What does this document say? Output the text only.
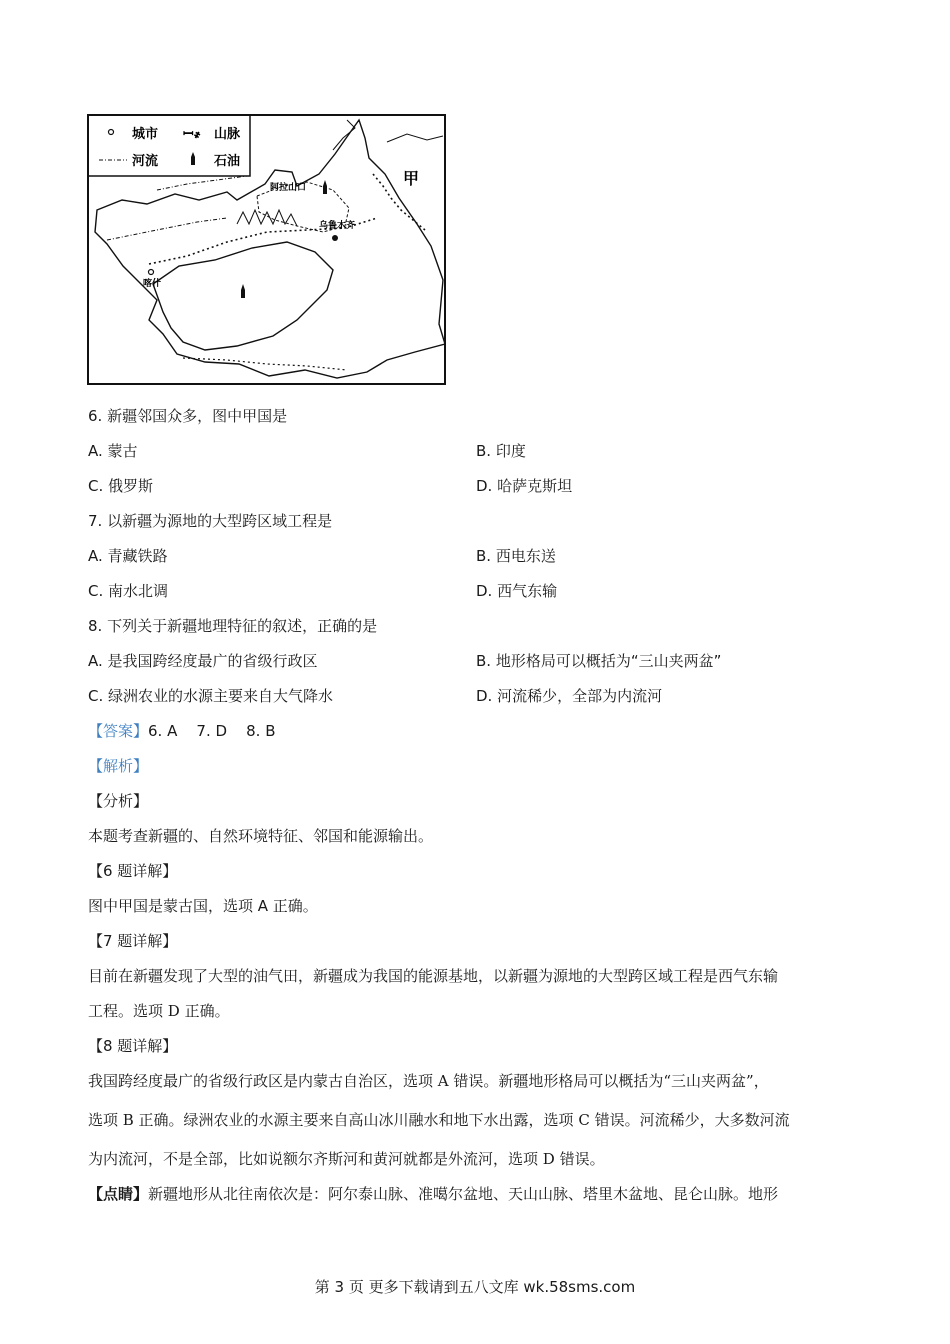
城市 ꟷ҂ 山脉
河流	石油
甲
阿拉山口
乌鲁木齐
喀什
6. 新疆邻国众多，图中甲国是
A. 蒙古	B. 印度
C. 俄罗斯	D. 哈萨克斯坦
7. 以新疆为源地的大型跨区域工程是
A. 青藏铁路	B. 西电东送
C. 南水北调	D. 西气东输
8. 下列关于新疆地理特征的叙述，正确的是
A. 是我国跨经度最广的省级行政区	B. 地形格局可以概括为“三山夹两盆”
C. 绿洲农业的水源主要来自大气降水	D. 河流稀少，全部为内流河
【答案】6. A    7. D    8. B
【解析】
【分析】
本题考查新疆的、自然环境特征、邻国和能源输出。
【6 题详解】
图中甲国是蒙古国，选项 A 正确。
【7 题详解】
目前在新疆发现了大型的油气田，新疆成为我国的能源基地，以新疆为源地的大型跨区域工程是西气东输
工程。选项 D 正确。
【8 题详解】
我国跨经度最广的省级行政区是内蒙古自治区，选项 A 错误。新疆地形格局可以概括为“三山夹两盆”，
选项 B 正确。绿洲农业的水源主要来自高山冰川融水和地下水出露，选项 C 错误。河流稀少，大多数河流
为内流河，不是全部，比如说额尔齐斯河和黄河就都是外流河，选项 D 错误。
【点睛】新疆地形从北往南依次是：阿尔泰山脉、准噶尔盆地、天山山脉、塔里木盆地、昆仑山脉。地形
第 3 页 更多下载请到五八文库 wk.58sms.com
